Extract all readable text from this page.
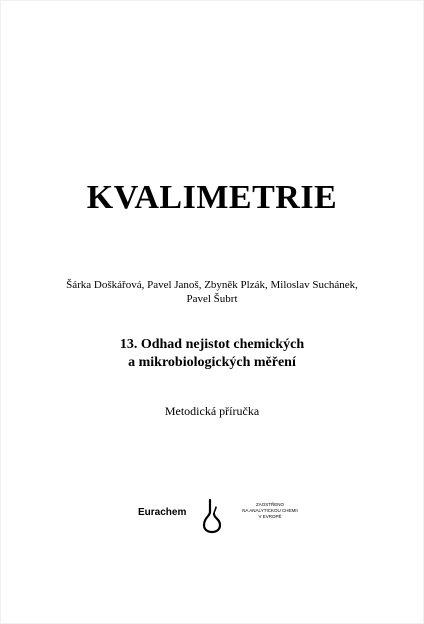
KVALIMETRIE
Šárka Doškářová, Pavel Janoš, Zbyněk Plzák, Miloslav Suchánek,
Pavel Šubrt
13. Odhad nejistot chemických
a mikrobiologických měření
Metodická příručka
Eurachem
ZAOSTŘENO
NA ANALYTICKOU CHEMII
V EVROPĚ
